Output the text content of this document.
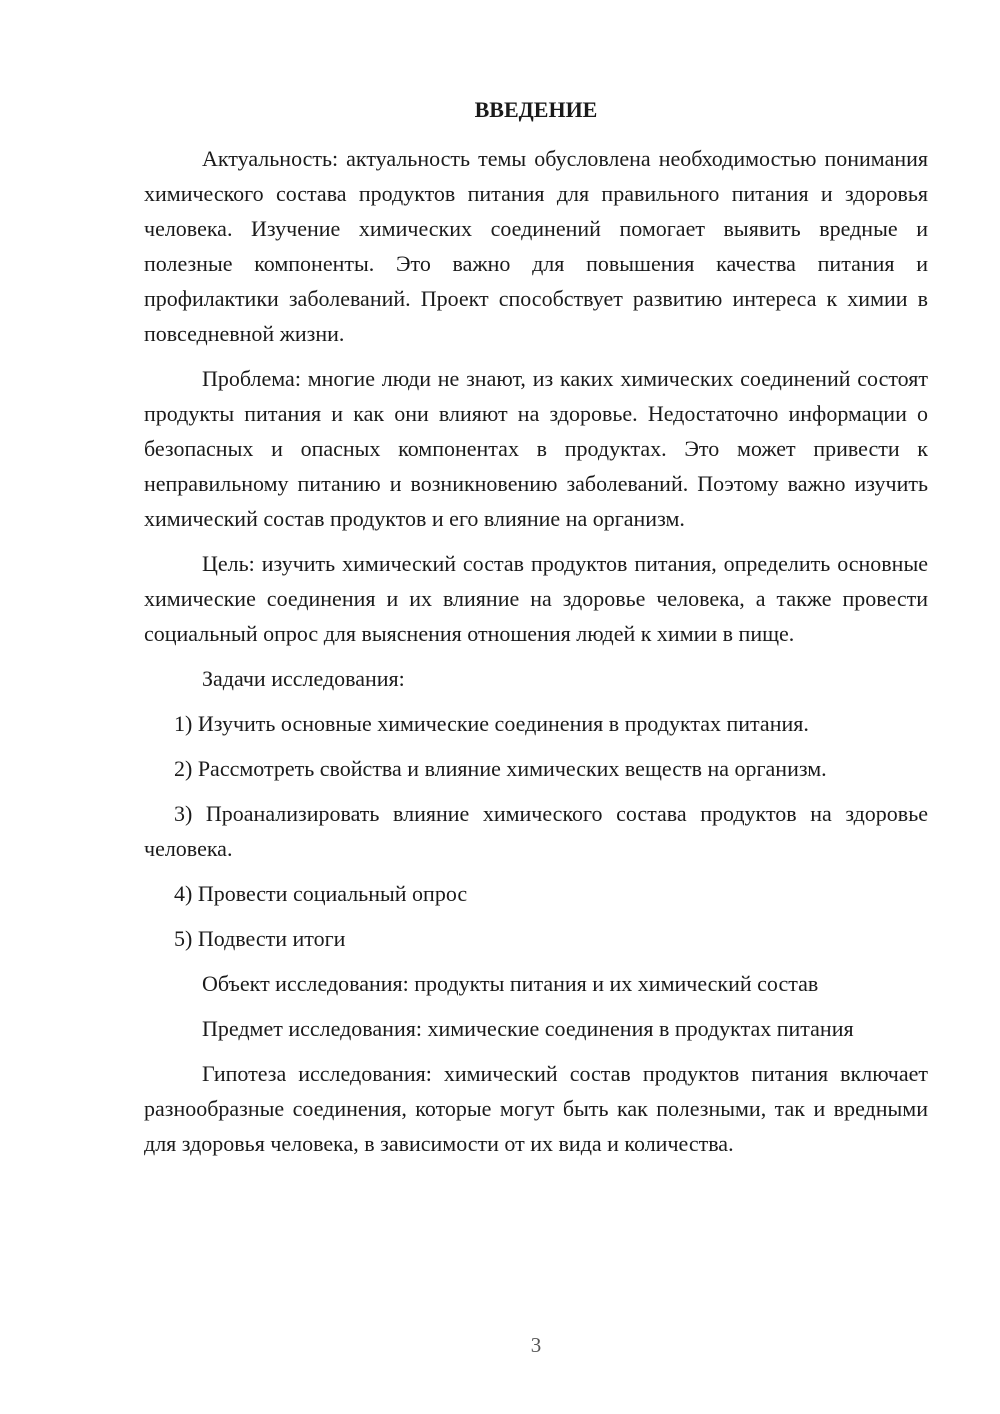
ВВЕДЕНИЕ

Актуальность: актуальность темы обусловлена необходимостью понимания химического состава продуктов питания для правильного питания и здоровья человека. Изучение химических соединений помогает выявить вредные и полезные компоненты. Это важно для повышения качества питания и профилактики заболеваний. Проект способствует развитию интереса к химии в повседневной жизни.

Проблема: многие люди не знают, из каких химических соединений состоят продукты питания и как они влияют на здоровье. Недостаточно информации о безопасных и опасных компонентах в продуктах. Это может привести к неправильному питанию и возникновению заболеваний. Поэтому важно изучить химический состав продуктов и его влияние на организм.

Цель: изучить химический состав продуктов питания, определить основные химические соединения и их влияние на здоровье человека, а также провести социальный опрос для выяснения отношения людей к химии в пище.

Задачи исследования:

1) Изучить основные химические соединения в продуктах питания.

2) Рассмотреть свойства и влияние химических веществ на организм.

3) Проанализировать влияние химического состава продуктов на здоровье человека.

4) Провести социальный опрос

5) Подвести итоги

Объект исследования: продукты питания и их химический состав

Предмет исследования: химические соединения в продуктах питания

Гипотеза исследования: химический состав продуктов питания включает разнообразные соединения, которые могут быть как полезными, так и вредными для здоровья человека, в зависимости от их вида и количества.

3
